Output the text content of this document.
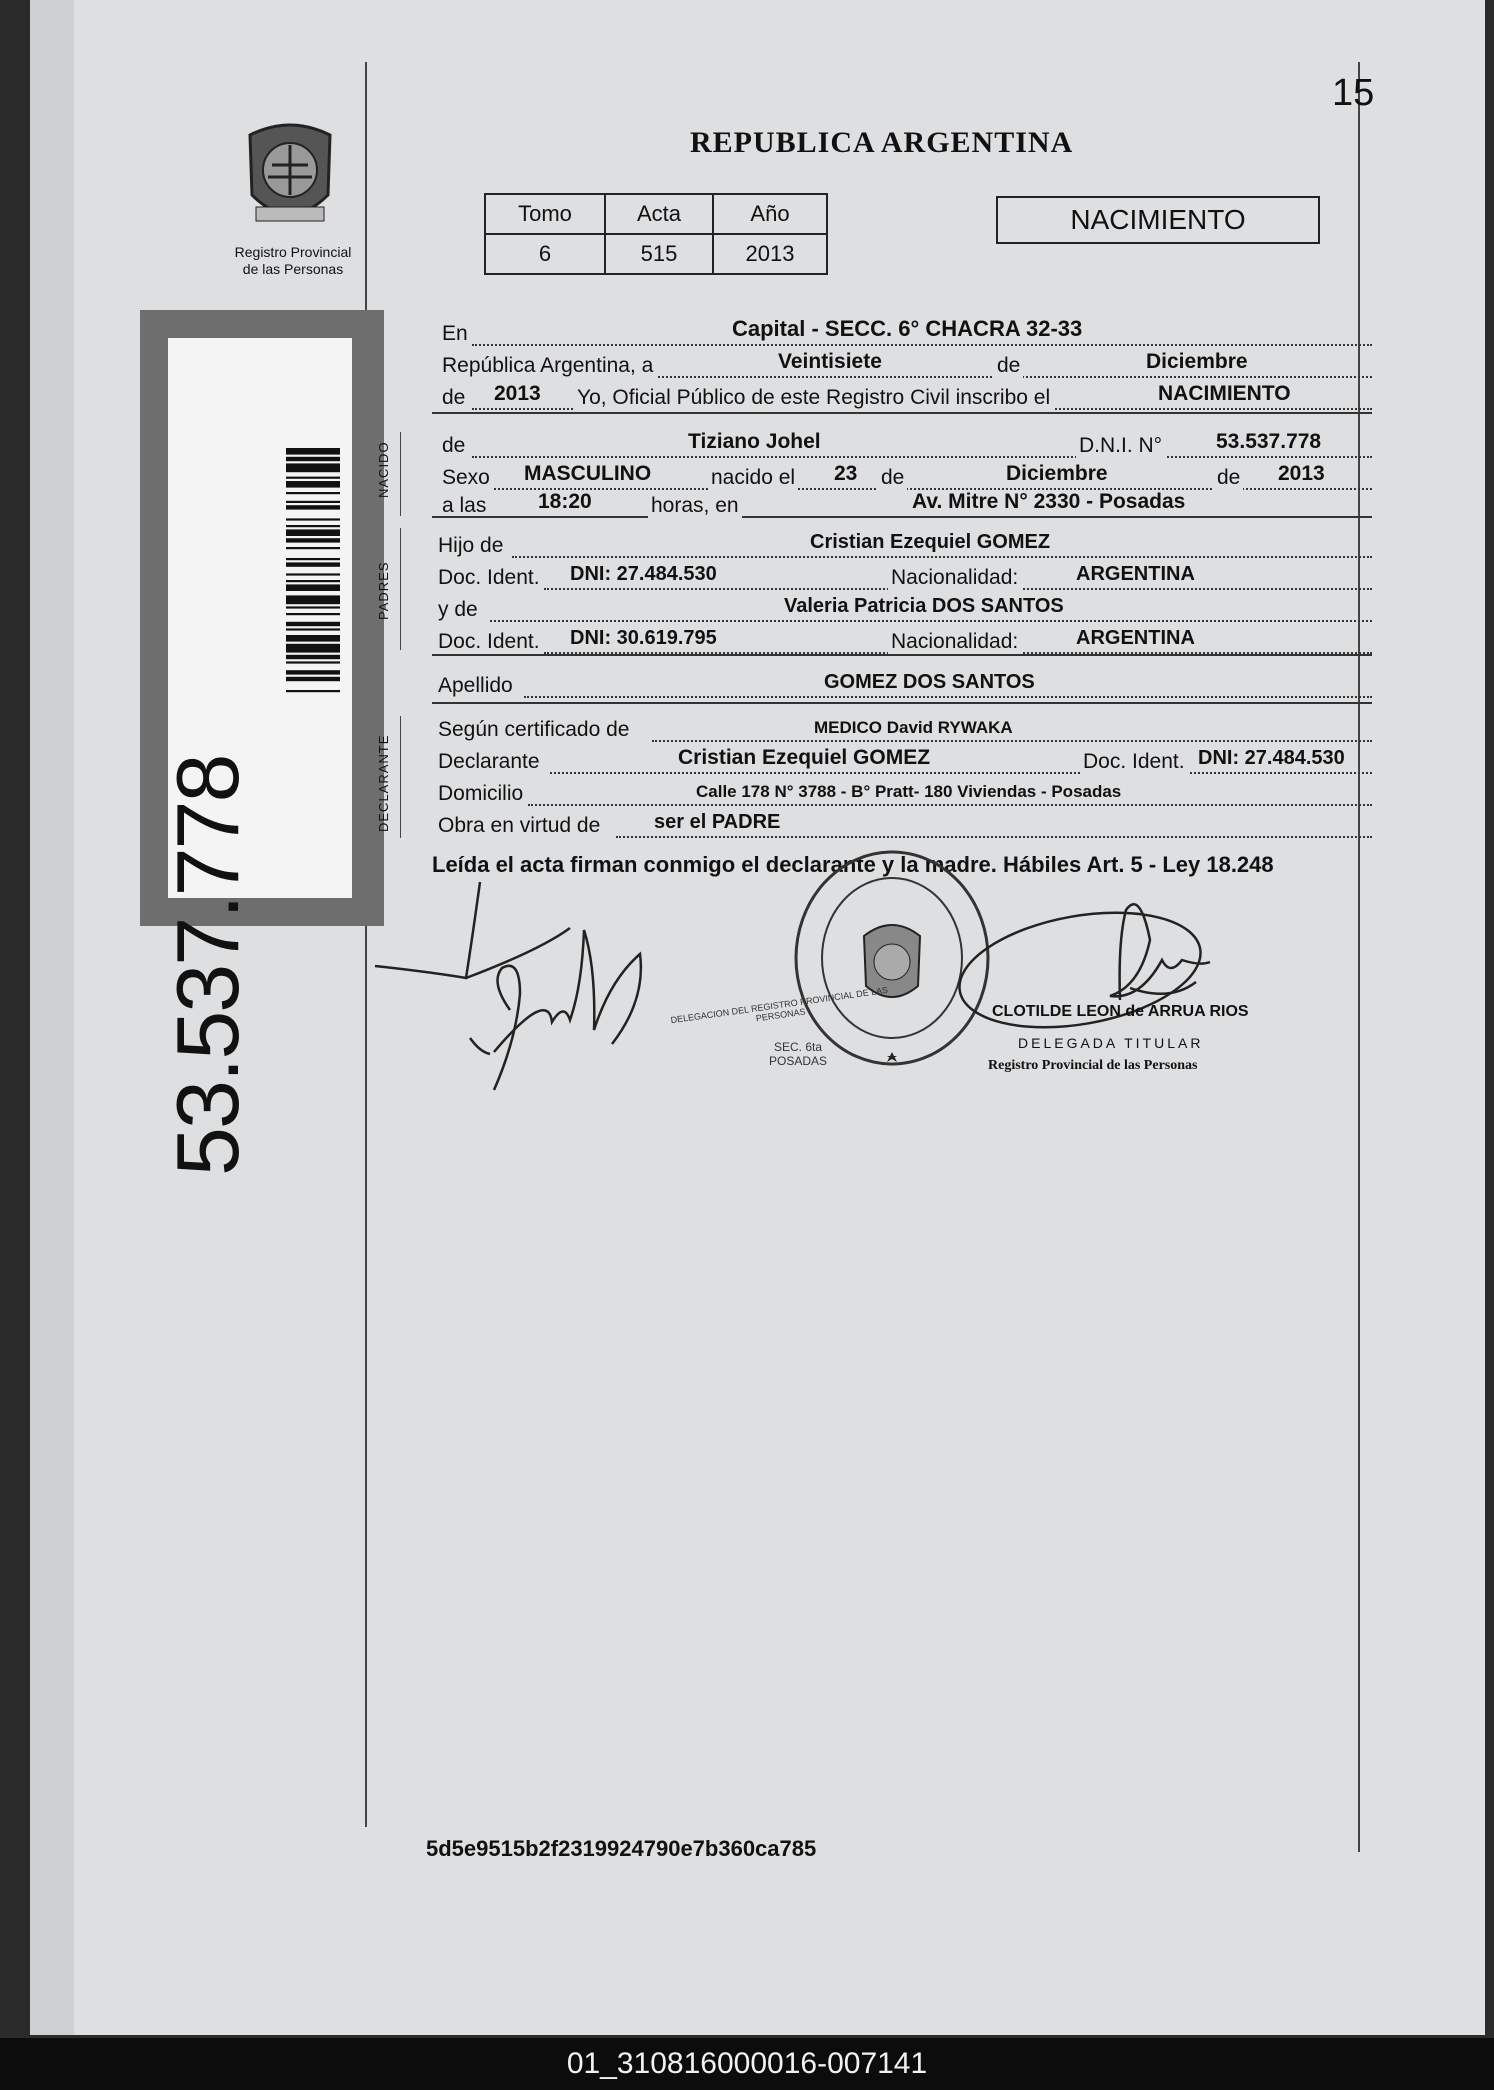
15
REPUBLICA ARGENTINA
Registro Provincial
de las Personas
Tomo	Acta	Año
6	515	2013
NACIMIENTO
53.537.778
NACIDO
PADRES
DECLARANTE
En	Capital - SECC. 6° CHACRA 32-33
República Argentina, a	Veintisiete	de	Diciembre
de 2013 Yo, Oficial Público de este Registro Civil inscribo el	NACIMIENTO
de	Tiziano Johel	D.N.I. N°	53.537.778
Sexo MASCULINO	nacido el 23 de	Diciembre	de 2013
a las 18:20	horas, en	Av. Mitre N° 2330 - Posadas
Hijo de	Cristian Ezequiel GOMEZ
Doc. Ident. DNI: 27.484.530	Nacionalidad:	ARGENTINA
y de	Valeria Patricia DOS SANTOS
Doc. Ident. DNI: 30.619.795	Nacionalidad:	ARGENTINA
Apellido	GOMEZ DOS SANTOS
Según certificado de	MEDICO David RYWAKA
Declarante	Cristian Ezequiel GOMEZ	Doc. Ident. DNI: 27.484.530
Domicilio	Calle 178 N° 3788 - B° Pratt- 180 Viviendas - Posadas
Obra en virtud de	ser el PADRE
Leída el acta firman conmigo el declarante y la madre. Hábiles Art. 5 - Ley 18.248
DELEGACION DEL REGISTRO PROVINCIAL DE LAS PERSONAS
SEC. 6ta POSADAS
CLOTILDE LEON de ARRUA RIOS
DELEGADA TITULAR
Registro Provincial de las Personas
5d5e9515b2f2319924790e7b360ca785
01_310816000016-007141
